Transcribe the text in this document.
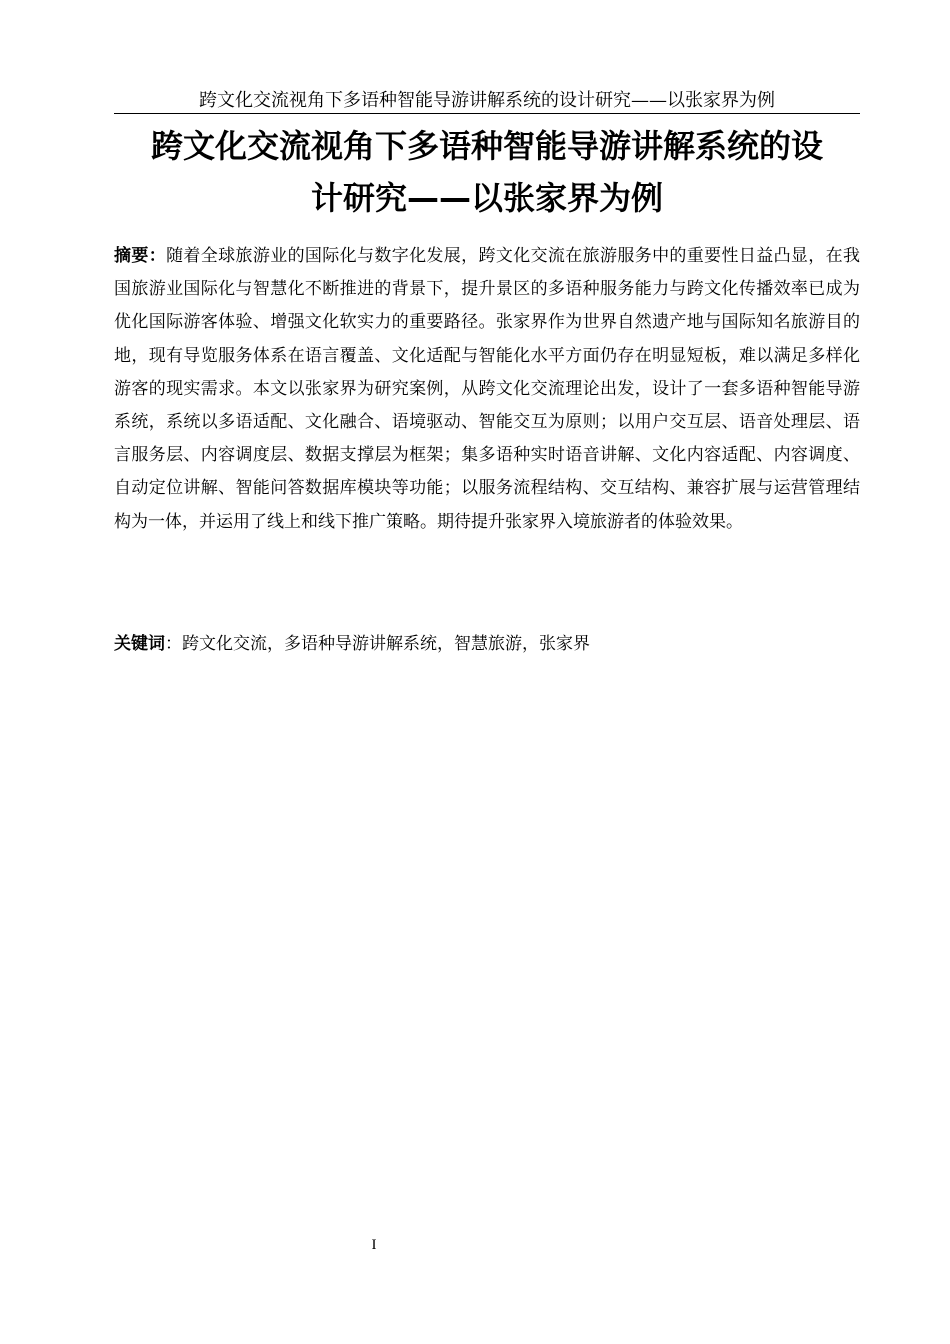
跨文化交流视角下多语种智能导游讲解系统的设计研究——以张家界为例
跨文化交流视角下多语种智能导游讲解系统的设
计研究——以张家界为例

摘要：随着全球旅游业的国际化与数字化发展，跨文化交流在旅游服务中的重要性日益凸显，在我国旅游业国际化与智慧化不断推进的背景下，提升景区的多语种服务能力与跨文化传播效率已成为优化国际游客体验、增强文化软实力的重要路径。张家界作为世界自然遗产地与国际知名旅游目的地，现有导览服务体系在语言覆盖、文化适配与智能化水平方面仍存在明显短板，难以满足多样化游客的现实需求。本文以张家界为研究案例，从跨文化交流理论出发，设计了一套多语种智能导游系统，系统以多语适配、文化融合、语境驱动、智能交互为原则；以用户交互层、语音处理层、语言服务层、内容调度层、数据支撑层为框架；集多语种实时语音讲解、文化内容适配、内容调度、自动定位讲解、智能问答数据库模块等功能；以服务流程结构、交互结构、兼容扩展与运营管理结构为一体，并运用了线上和线下推广策略。期待提升张家界入境旅游者的体验效果。

关键词：跨文化交流，多语种导游讲解系统，智慧旅游，张家界

I
